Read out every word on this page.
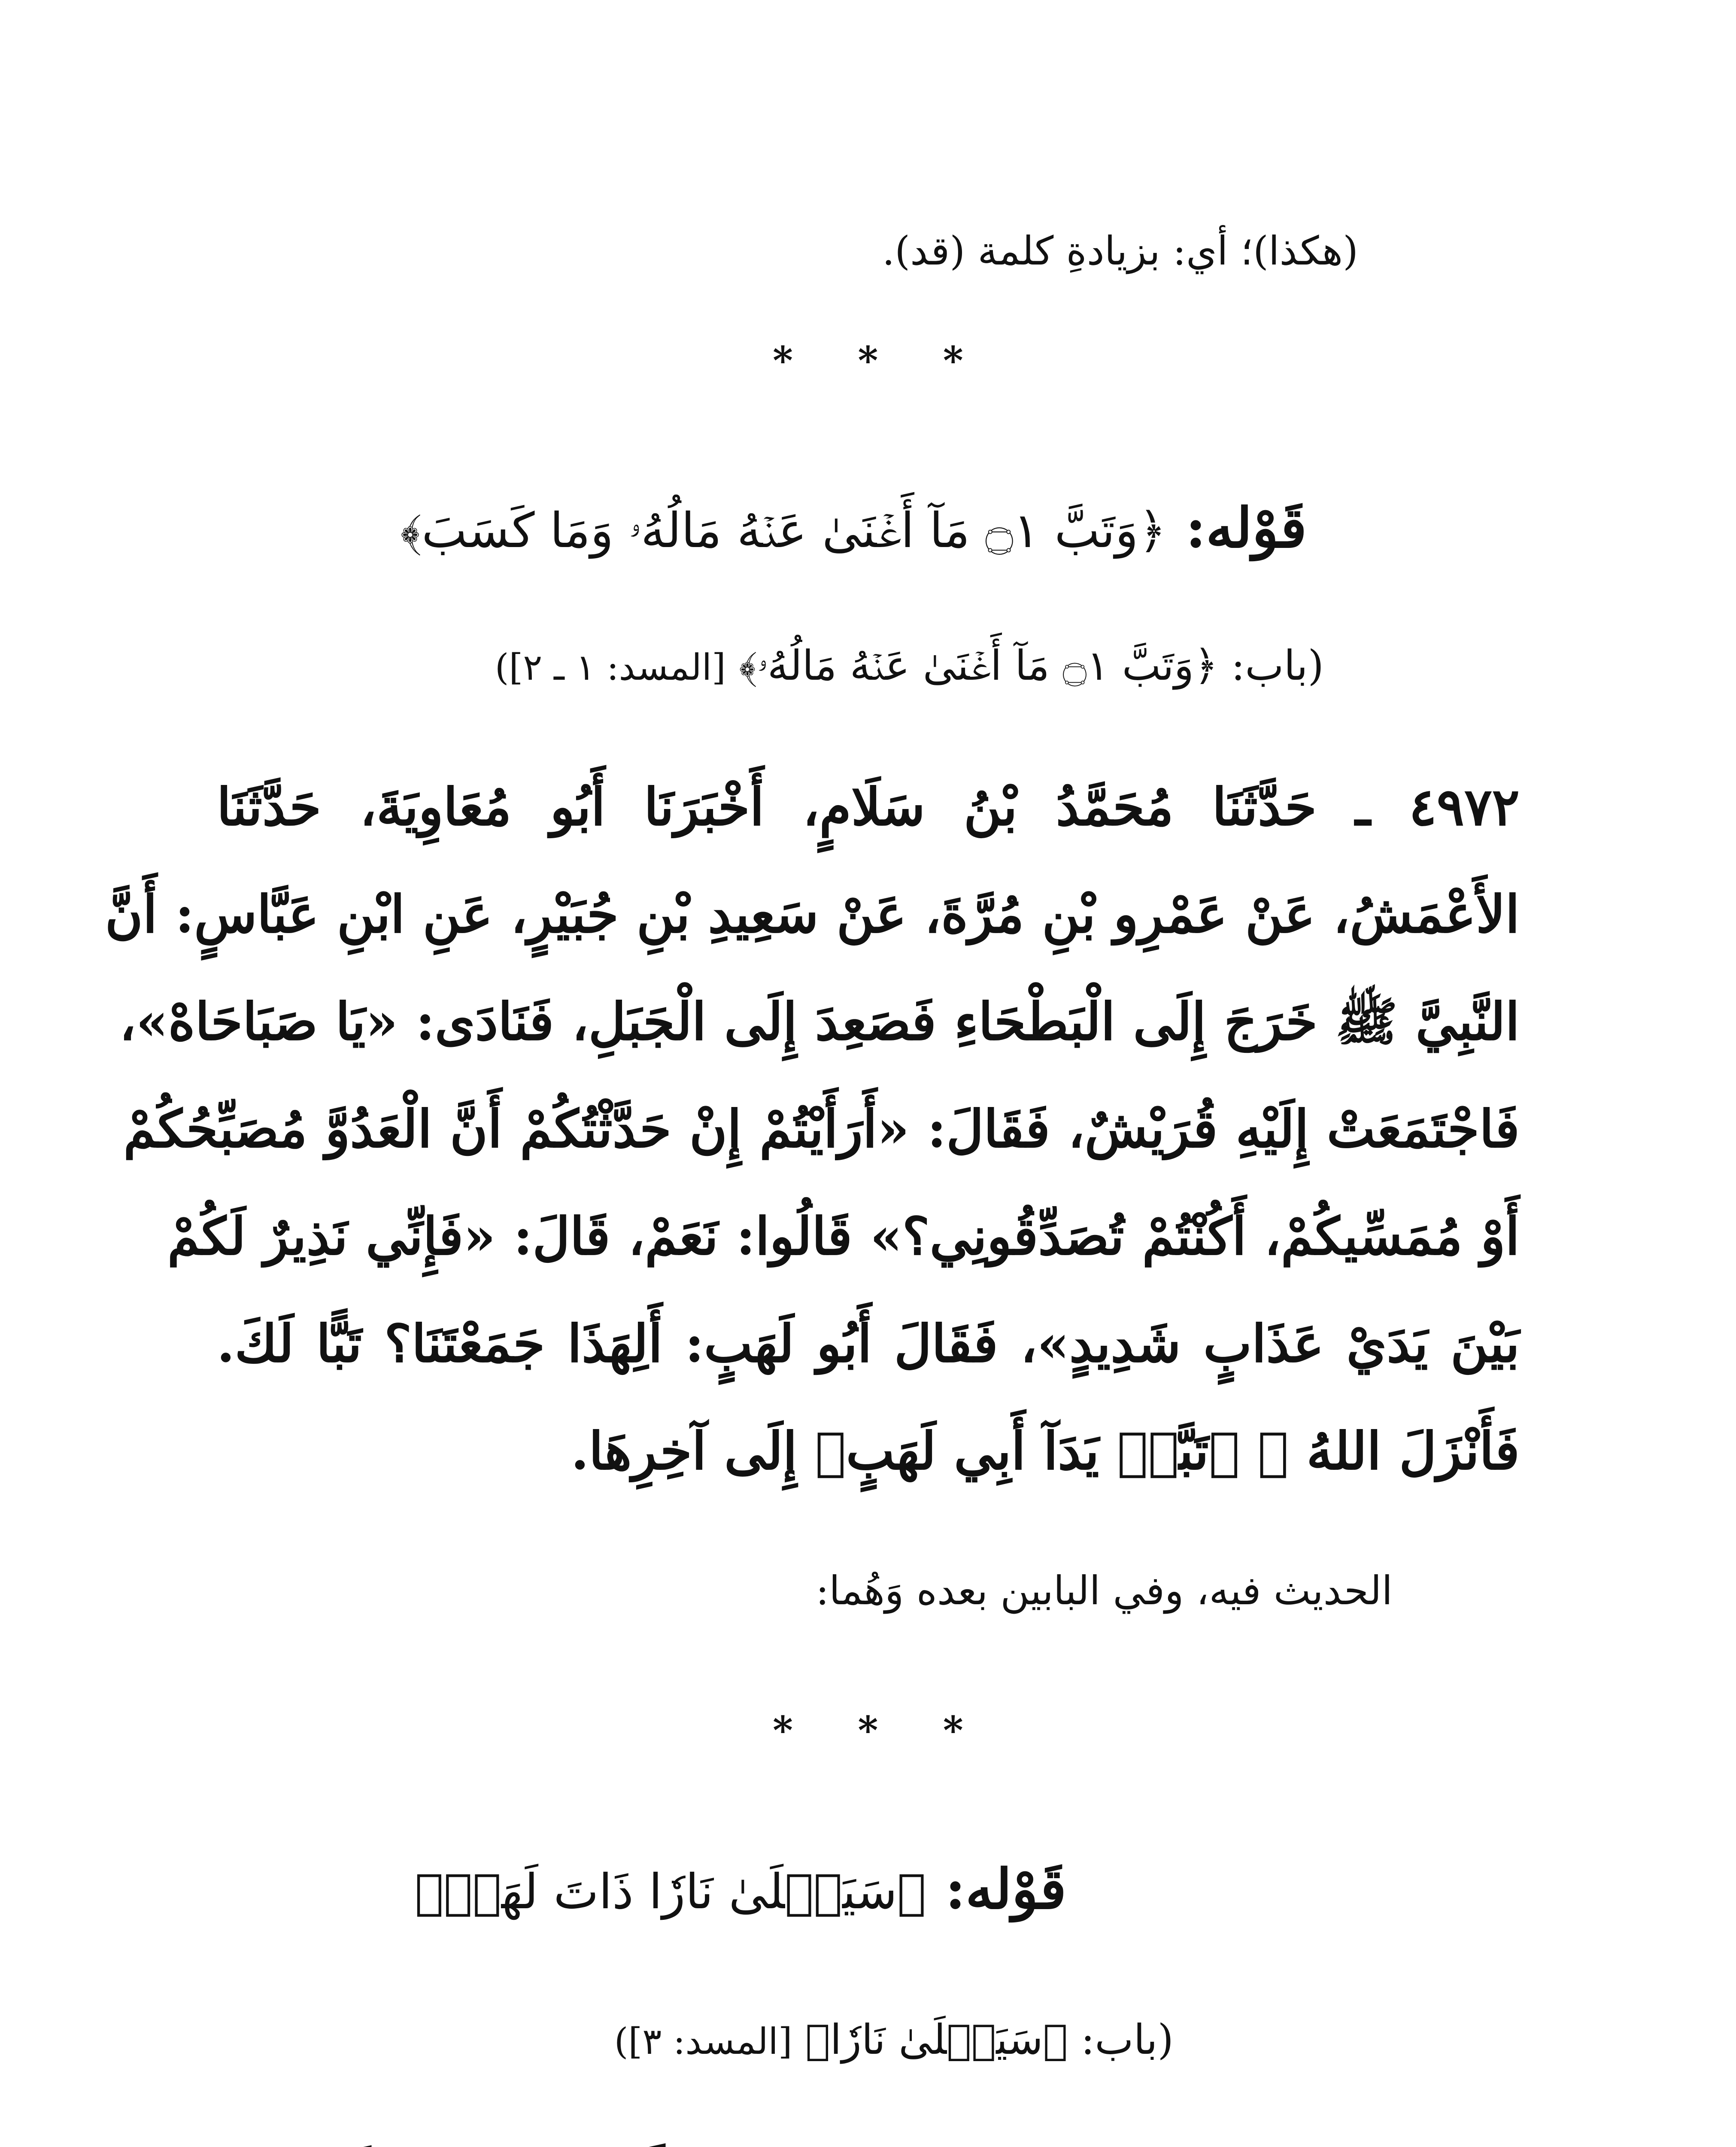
(هكذا)؛ أي: بزيادةِ كلمة (قد).
* * *
قَوْله: ﴿وَتَبَّ ۝١ مَآ أَغۡنَىٰ عَنۡهُ مَالُهُۥ وَمَا كَسَبَ﴾
(باب: ﴿وَتَبَّ ۝١ مَآ أَغۡنَىٰ عَنۡهُ مَالُهُۥ﴾ [المسد: ١ ـ ٢])
٤٩٧٢ ـ حَدَّثَنَا مُحَمَّدُ بْنُ سَلَامٍ، أَخْبَرَنَا أَبُو مُعَاوِيَةَ، حَدَّثَنَا
الأَعْمَشُ، عَنْ عَمْرِو بْنِ مُرَّةَ، عَنْ سَعِيدِ بْنِ جُبَيْرٍ، عَنِ ابْنِ عَبَّاسٍ: أَنَّ
النَّبِيَّ ﷺ خَرَجَ إِلَى الْبَطْحَاءِ فَصَعِدَ إِلَى الْجَبَلِ، فَنَادَى: «يَا صَبَاحَاهْ»،
فَاجْتَمَعَتْ إِلَيْهِ قُرَيْشٌ، فَقَالَ: «أَرَأَيْتُمْ إِنْ حَدَّثْتُكُمْ أَنَّ الْعَدُوَّ مُصَبِّحُكُمْ
أَوْ مُمَسِّيكُمْ، أَكُنْتُمْ تُصَدِّقُونِي؟» قَالُوا: نَعَمْ، قَالَ: «فَإِنِّي نَذِيرٌ لَكُمْ
بَيْنَ يَدَيْ عَذَابٍ شَدِيدٍ»، فَقَالَ أَبُو لَهَبٍ: أَلِهَذَا جَمَعْتَنَا؟ تَبًّا لَكَ.
فَأَنْزَلَ اللهُ ﷻ ﴿تَبَّتۡ يَدَآ أَبِي لَهَبٍ﴾ إِلَى آخِرِهَا.
الحديث فيه، وفي البابين بعده وَهُما:
* * *
قَوْله: ﴿سَيَصۡلَىٰ نَارٗا ذَاتَ لَهَبٖ﴾
(باب: ﴿سَيَصۡلَىٰ نَارٗا﴾ [المسد: ٣])
